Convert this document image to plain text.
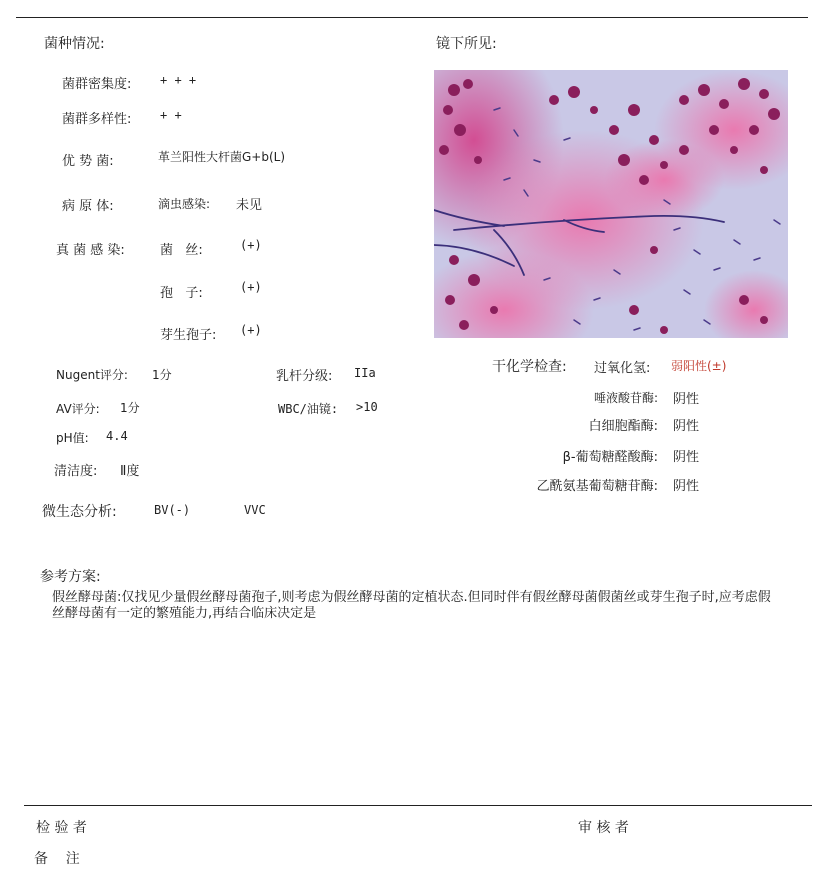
菌种情况:
菌群密集度: + + +
菌群多样性: + +
优 势 菌:	革兰阳性大杆菌G+b(L)
病 原 体:	滴虫感染: 未见
真 菌 感 染:	菌   丝:	(+)
孢   子:	(+)
芽生孢子: (+)
Nugent评分: 1分	乳杆分级: IIa
AV评分: 1分	WBC/油镜: >10
pH值: 4.4
清洁度: Ⅱ度
微生态分析:	BV(-)	VVC
镜下所见:
干化学检查: 过氧化氢: 弱阳性(±)
唾液酸苷酶: 阴性
白细胞酯酶: 阴性
β-葡萄糖醛酸酶: 阴性
乙酰氨基葡萄糖苷酶: 阴性
参考方案:
假丝酵母菌:仅找见少量假丝酵母菌孢子,则考虑为假丝酵母菌的定植状态.但同时伴有假丝酵母菌假菌丝或芽生孢子时,应考虑假丝酵母菌有一定的繁殖能力,再结合临床决定是
检 验 者	审 核 者
备    注
